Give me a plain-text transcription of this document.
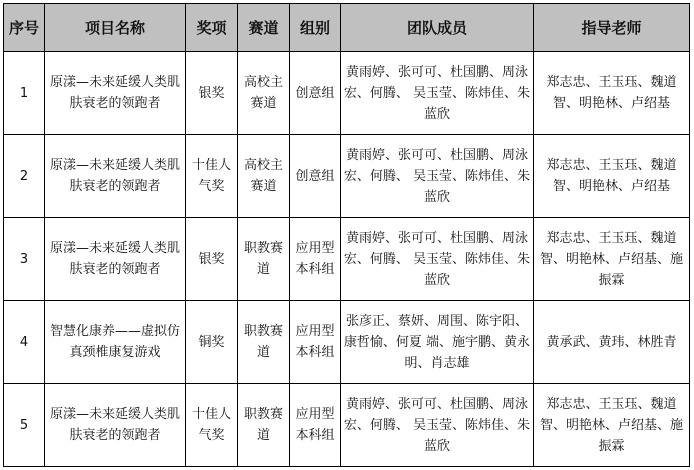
序号	项目名称	奖项	赛道	组别	团队成员	指导老师
1	原漾—未来延缓人类肌肤衰老的领跑者	银奖	高校主赛道	创意组	黄雨婷、张可可、杜国鹏、周泳宏、何腾、 吴玉莹、陈炜佳、朱蓝欣	郑志忠、王玉珏、魏道智、明艳林、卢绍基
2	原漾—未来延缓人类肌肤衰老的领跑者	十佳人气奖	高校主赛道	创意组	黄雨婷、张可可、杜国鹏、周泳宏、何腾、 吴玉莹、陈炜佳、朱蓝欣	郑志忠、王玉珏、魏道智、明艳林、卢绍基
3	原漾—未来延缓人类肌肤衰老的领跑者	银奖	职教赛道	应用型本科组	黄雨婷、张可可、杜国鹏、周泳宏、何腾、 吴玉莹、陈炜佳、朱蓝欣	郑志忠、王玉珏、魏道智、明艳林、卢绍基、施振霖
4	智慧化康养——虚拟仿 真颈椎康复游戏	铜奖	职教赛道	应用型本科组	张彦正、蔡妍、周围、陈宇阳、康哲愉、何夏 端、施宇鹏、黄永明、肖志雄	黄承武、黄玮、林胜青
5	原漾—未来延缓人类肌肤衰老的领跑者	十佳人气奖	职教赛道	应用型本科组	黄雨婷、张可可、杜国鹏、周泳宏、何腾、 吴玉莹、陈炜佳、朱蓝欣	郑志忠、王玉珏、魏道智、明艳林、卢绍基、施振霖
